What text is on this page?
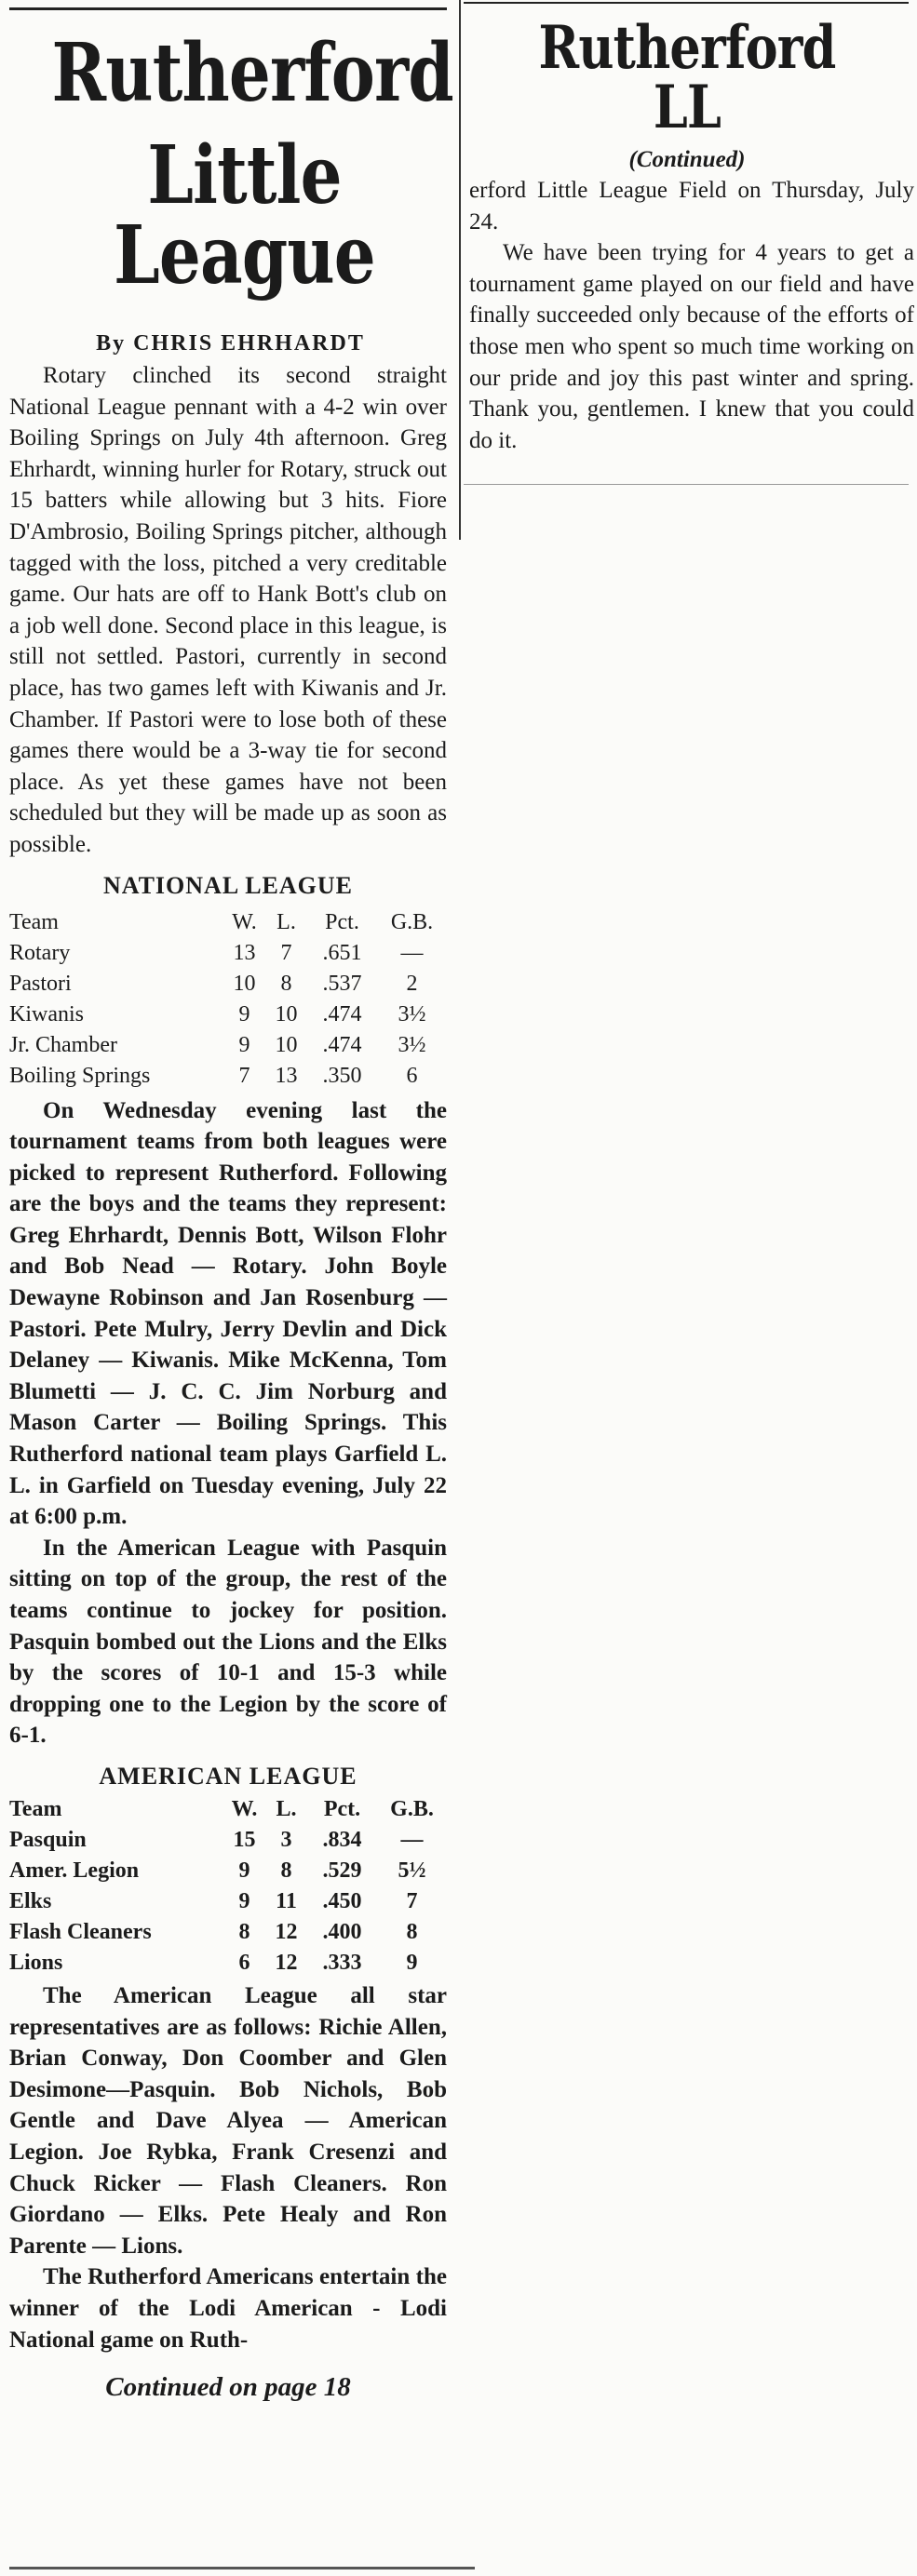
Rutherford
Little League

By CHRIS EHRHARDT

Rotary clinched its second straight National League pennant with a 4-2 win over Boiling Springs on July 4th afternoon. Greg Ehrhardt, winning hurler for Rotary, struck out 15 batters while allowing but 3 hits. Fiore D'Ambrosio, Boiling Springs pitcher, although tagged with the loss, pitched a very creditable game. Our hats are off to Hank Bott's club on a job well done. Second place in this league, is still not settled. Pastori, currently in second place, has two games left with Kiwanis and Jr. Chamber. If Pastori were to lose both of these games there would be a 3-way tie for second place. As yet these games have not been scheduled but they will be made up as soon as possible.

NATIONAL LEAGUE

Team	W.	L.	Pct.	G.B.
Rotary	13	7	.651	—
Pastori	10	8	.537	2
Kiwanis	9	10	.474	3½
Jr. Chamber	9	10	.474	3½
Boiling Springs	7	13	.350	6

On Wednesday evening last the tournament teams from both leagues were picked to represent Rutherford. Following are the boys and the teams they represent: Greg Ehrhardt, Dennis Bott, Wilson Flohr and Bob Nead — Rotary. John Boyle Dewayne Robinson and Jan Rosenburg — Pastori. Pete Mulry, Jerry Devlin and Dick Delaney — Kiwanis. Mike McKenna, Tom Blumetti — J. C. C. Jim Norburg and Mason Carter — Boiling Springs. This Rutherford national team plays Garfield L. L. in Garfield on Tuesday evening, July 22 at 6:00 p.m.

In the American League with Pasquin sitting on top of the group, the rest of the teams continue to jockey for position. Pasquin bombed out the Lions and the Elks by the scores of 10-1 and 15-3 while dropping one to the Legion by the score of 6-1.

AMERICAN LEAGUE

Team	W.	L.	Pct.	G.B.
Pasquin	15	3	.834	—
Amer. Legion	9	8	.529	5½
Elks	9	11	.450	7
Flash Cleaners	8	12	.400	8
Lions	6	12	.333	9

The American League all star representatives are as follows: Richie Allen, Brian Conway, Don Coomber and Glen Desimone—Pasquin. Bob Nichols, Bob Gentle and Dave Alyea — American Legion. Joe Rybka, Frank Cresenzi and Chuck Ricker — Flash Cleaners. Ron Giordano — Elks. Pete Healy and Ron Parente — Lions.

The Rutherford Americans entertain the winner of the Lodi American - Lodi National game on Ruth-

Continued on page 18

Rutherford LL

(Continued)

erford Little League Field on Thursday, July 24.

We have been trying for 4 years to get a tournament game played on our field and have finally succeeded only because of the efforts of those men who spent so much time working on our pride and joy this past winter and spring. Thank you, gentlemen. I knew that you could do it.
